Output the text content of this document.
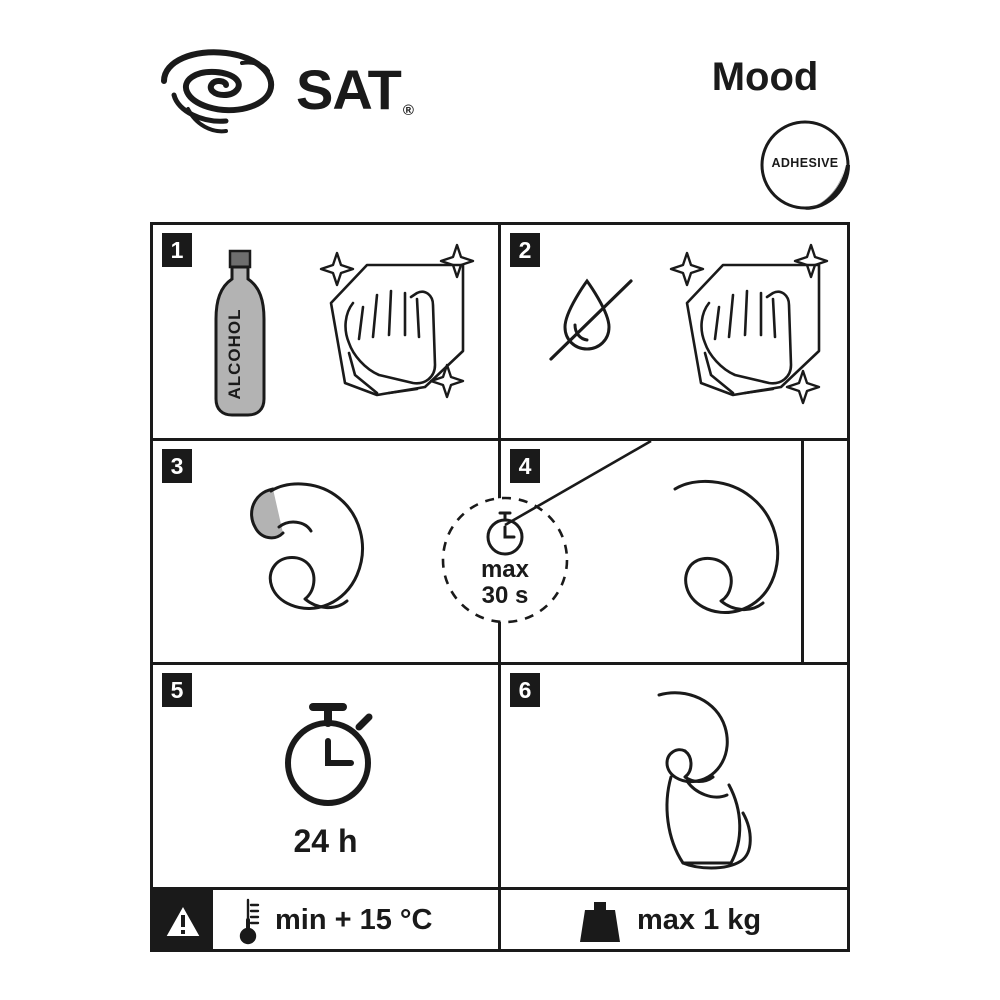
SAT ®
Mood
ADHESIVE
1
ALCOHOL
2
3	4
max
30 s
5
24 h
6
min + 15 °C	max 1 kg
